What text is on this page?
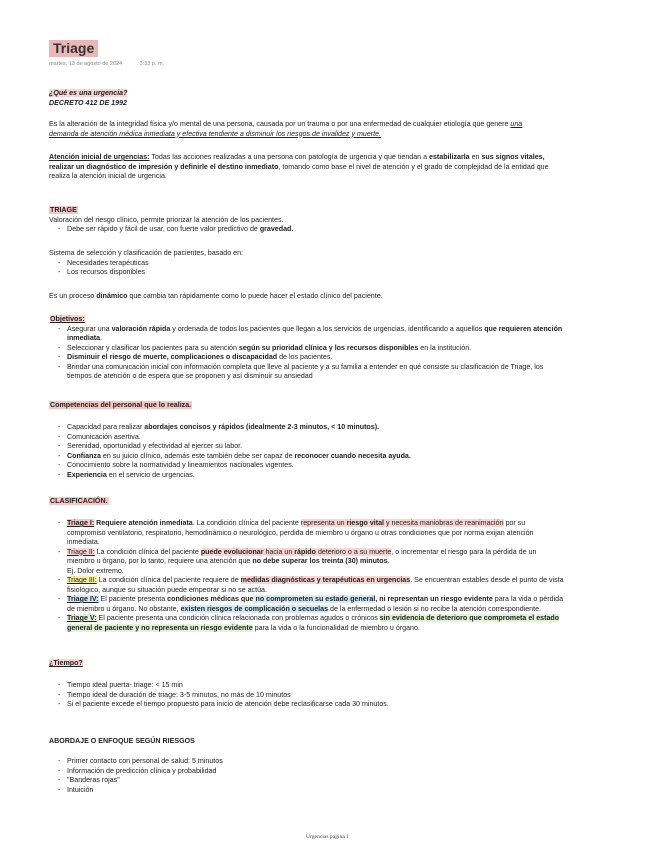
Triage
martes, 13 de agosto de 2024	3:33 p. m.
¿Qué es una urgencia?
DECRETO 412 DE 1992
Es la alteración de la integridad física y/o mental de una persona, causada por un trauma o por una enfermedad de cualquier etiología que genere una
demanda de atención médica inmediata y efectiva tendiente a disminuir los riesgos de invalidez y muerte.
Atención inicial de urgencias: Todas las acciones realizadas a una persona con patología de urgencia y que tiendan a estabilizarla en sus signos vitales,
realizar un diagnóstico de impresión y definirle el destino inmediato, tomando como base el nivel de atención y el grado de complejidad de la entidad que
realiza la atención inicial de urgencia.
TRIAGE
Valoración del riesgo clínico, permite priorizar la atención de los pacientes.
- Debe ser rápido y fácil de usar, con fuerte valor predictivo de gravedad.
Sistema de selección y clasificación de pacientes, basado en:
- Necesidades terapéuticas
- Los recursos disponibles
Es un proceso dinámico que cambia tan rápidamente como lo puede hacer el estado clínico del paciente.
Objetivos:
- Asegurar una valoración rápida y ordenada de todos los pacientes que llegan a los servicios de urgencias, identificando a aquellos que requieren atención
inmediata.
- Seleccionar y clasificar los pacientes para su atención según su prioridad clínica y los recursos disponibles en la institución.
- Disminuir el riesgo de muerte, complicaciones o discapacidad de los pacientes.
- Brindar una comunicación inicial con información completa que lleve al paciente y a su familia a entender en qué consiste su clasificación de Triage, los
tiempos de atención o de espera que se proponen y así disminuir su ansiedad
Competencias del personal que lo realiza.
- Capacidad para realizar abordajes concisos y rápidos (idealmente 2-3 minutos, < 10 minutos).
- Comunicación asertiva.
- Serenidad, oportunidad y efectividad al ejercer su labor.
- Confianza en su juicio clínico, además este también debe ser capaz de reconocer cuando necesita ayuda.
- Conocimiento sobre la normatividad y lineamientos nacionales vigentes.
- Experiencia en el servicio de urgencias.
CLASIFICACIÓN.
- Triage I: Requiere atención inmediata. La condición clínica del paciente representa un riesgo vital y necesita maniobras de reanimación por su
compromiso ventilatorio, respiratorio, hemodinámico o neurológico, perdida de miembro u órgano u otras condiciones que por norma exijan atención
inmediata.
- Triage II: La condición clínica del paciente puede evolucionar hacia un rápido deterioro o a su muerte, o incrementar el riesgo para la pérdida de un
miembro u órgano, por lo tanto, requiere una atención que no debe superar los treinta (30) minutos.
Ej. Dolor extremo.
- Triage III: La condición clínica del paciente requiere de medidas diagnósticas y terapéuticas en urgencias. Se encuentran estables desde el punto de vista
fisiológico, aunque su situación puede empeorar si no se actúa.
- Triage IV: El paciente presenta condiciones médicas que no comprometen su estado general, ni representan un riesgo evidente para la vida o pérdida
de miembro u órgano. No obstante, existen riesgos de complicación o secuelas de la enfermedad o lesión si no recibe la atención correspondiente.
- Triage V: El paciente presenta una condición clínica relacionada con problemas agudos o crónicos sin evidencia de deterioro que comprometa el estado
general de paciente y no representa un riesgo evidente para la vida o la funcionalidad de miembro u órgano.
¿Tiempo?
- Tiempo ideal puerta- triage: < 15 min
- Tiempo ideal de duración de triage: 3-5 minutos, no más de 10 minutos
- Si el paciente excede el tiempo propuesto para inicio de atención debe reclasificarse cada 30 minutos.
ABORDAJE O ENFOQUE SEGÚN RIESGOS
- Primer contacto con personal de salud: 5 minutos
- Información de predicción clínica y probabilidad
- "Banderas rojas"
- Intuición
Urgencias página 1
